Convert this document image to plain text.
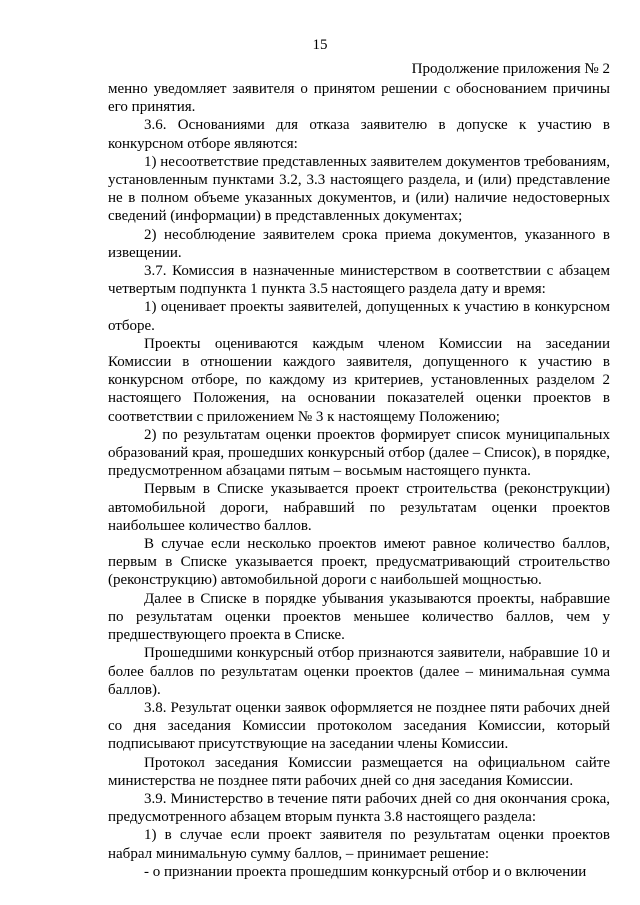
15
Продолжение приложения № 2

менно уведомляет заявителя о принятом решении с обоснованием причины его принятия.

3.6. Основаниями для отказа заявителю в допуске к участию в конкурсном отборе являются:

1) несоответствие представленных заявителем документов требованиям, установленным пунктами 3.2, 3.3 настоящего раздела, и (или) представление не в полном объеме указанных документов, и (или) наличие недостоверных сведений (информации) в представленных документах;

2) несоблюдение заявителем срока приема документов, указанного в извещении.

3.7. Комиссия в назначенные министерством в соответствии с абзацем четвертым подпункта 1 пункта 3.5 настоящего раздела дату и время:

1) оценивает проекты заявителей, допущенных к участию в конкурсном отборе.

Проекты оцениваются каждым членом Комиссии на заседании Комиссии в отношении каждого заявителя, допущенного к участию в конкурсном отборе, по каждому из критериев, установленных разделом 2 настоящего Положения, на основании показателей оценки проектов в соответствии с приложением № 3 к настоящему Положению;

2) по результатам оценки проектов формирует список муниципальных образований края, прошедших конкурсный отбор (далее – Список), в порядке, предусмотренном абзацами пятым – восьмым настоящего пункта.

Первым в Списке указывается проект строительства (реконструкции) автомобильной дороги, набравший по результатам оценки проектов наибольшее количество баллов.

В случае если несколько проектов имеют равное количество баллов, первым в Списке указывается проект, предусматривающий строительство (реконструкцию) автомобильной дороги с наибольшей мощностью.

Далее в Списке в порядке убывания указываются проекты, набравшие по результатам оценки проектов меньшее количество баллов, чем у предшествующего проекта в Списке.

Прошедшими конкурсный отбор признаются заявители, набравшие 10 и более баллов по результатам оценки проектов (далее – минимальная сумма баллов).

3.8. Результат оценки заявок оформляется не позднее пяти рабочих дней со дня заседания Комиссии протоколом заседания Комиссии, который подписывают присутствующие на заседании члены Комиссии.

Протокол заседания Комиссии размещается на официальном сайте министерства не позднее пяти рабочих дней со дня заседания Комиссии.

3.9. Министерство в течение пяти рабочих дней со дня окончания срока, предусмотренного абзацем вторым пункта 3.8 настоящего раздела:

1) в случае если проект заявителя по результатам оценки проектов набрал минимальную сумму баллов, – принимает решение:

- о признании проекта прошедшим конкурсный отбор и о включении
